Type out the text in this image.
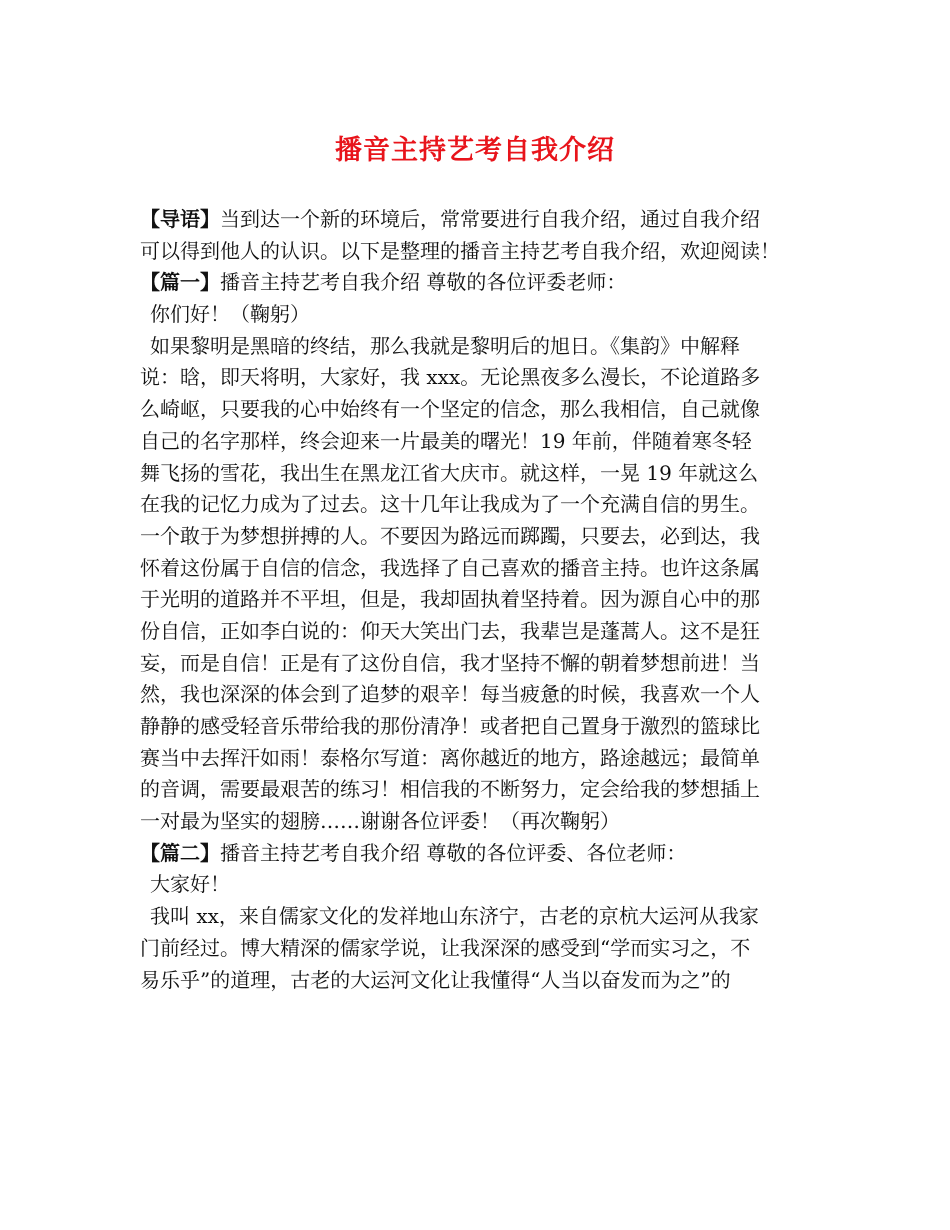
播音主持艺考自我介绍
【导语】当到达一个新的环境后，常常要进行自我介绍，通过自我介绍
可以得到他人的认识。以下是整理的播音主持艺考自我介绍，欢迎阅读！
【篇一】播音主持艺考自我介绍 尊敬的各位评委老师：
你们好！（鞠躬）
如果黎明是黑暗的终结，那么我就是黎明后的旭日。《集韵》中解释
说：晗，即天将明，大家好，我 xxx。无论黑夜多么漫长，不论道路多
么崎岖，只要我的心中始终有一个坚定的信念，那么我相信，自己就像
自己的名字那样，终会迎来一片最美的曙光！19 年前，伴随着寒冬轻
舞飞扬的雪花，我出生在黑龙江省大庆市。就这样，一晃 19 年就这么
在我的记忆力成为了过去。这十几年让我成为了一个充满自信的男生。
一个敢于为梦想拼搏的人。不要因为路远而踯躅，只要去，必到达，我
怀着这份属于自信的信念，我选择了自己喜欢的播音主持。也许这条属
于光明的道路并不平坦，但是，我却固执着坚持着。因为源自心中的那
份自信，正如李白说的：仰天大笑出门去，我辈岂是蓬蒿人。这不是狂
妄，而是自信！正是有了这份自信，我才坚持不懈的朝着梦想前进！当
然，我也深深的体会到了追梦的艰辛！每当疲惫的时候，我喜欢一个人
静静的感受轻音乐带给我的那份清净！或者把自己置身于激烈的篮球比
赛当中去挥汗如雨！泰格尔写道：离你越近的地方，路途越远；最简单
的音调，需要最艰苦的练习！相信我的不断努力，定会给我的梦想插上
一对最为坚实的翅膀……谢谢各位评委！（再次鞠躬）
【篇二】播音主持艺考自我介绍 尊敬的各位评委、各位老师：
大家好！
我叫 xx，来自儒家文化的发祥地山东济宁，古老的京杭大运河从我家
门前经过。博大精深的儒家学说，让我深深的感受到“学而实习之，不
易乐乎”的道理，古老的大运河文化让我懂得“人当以奋发而为之”的
